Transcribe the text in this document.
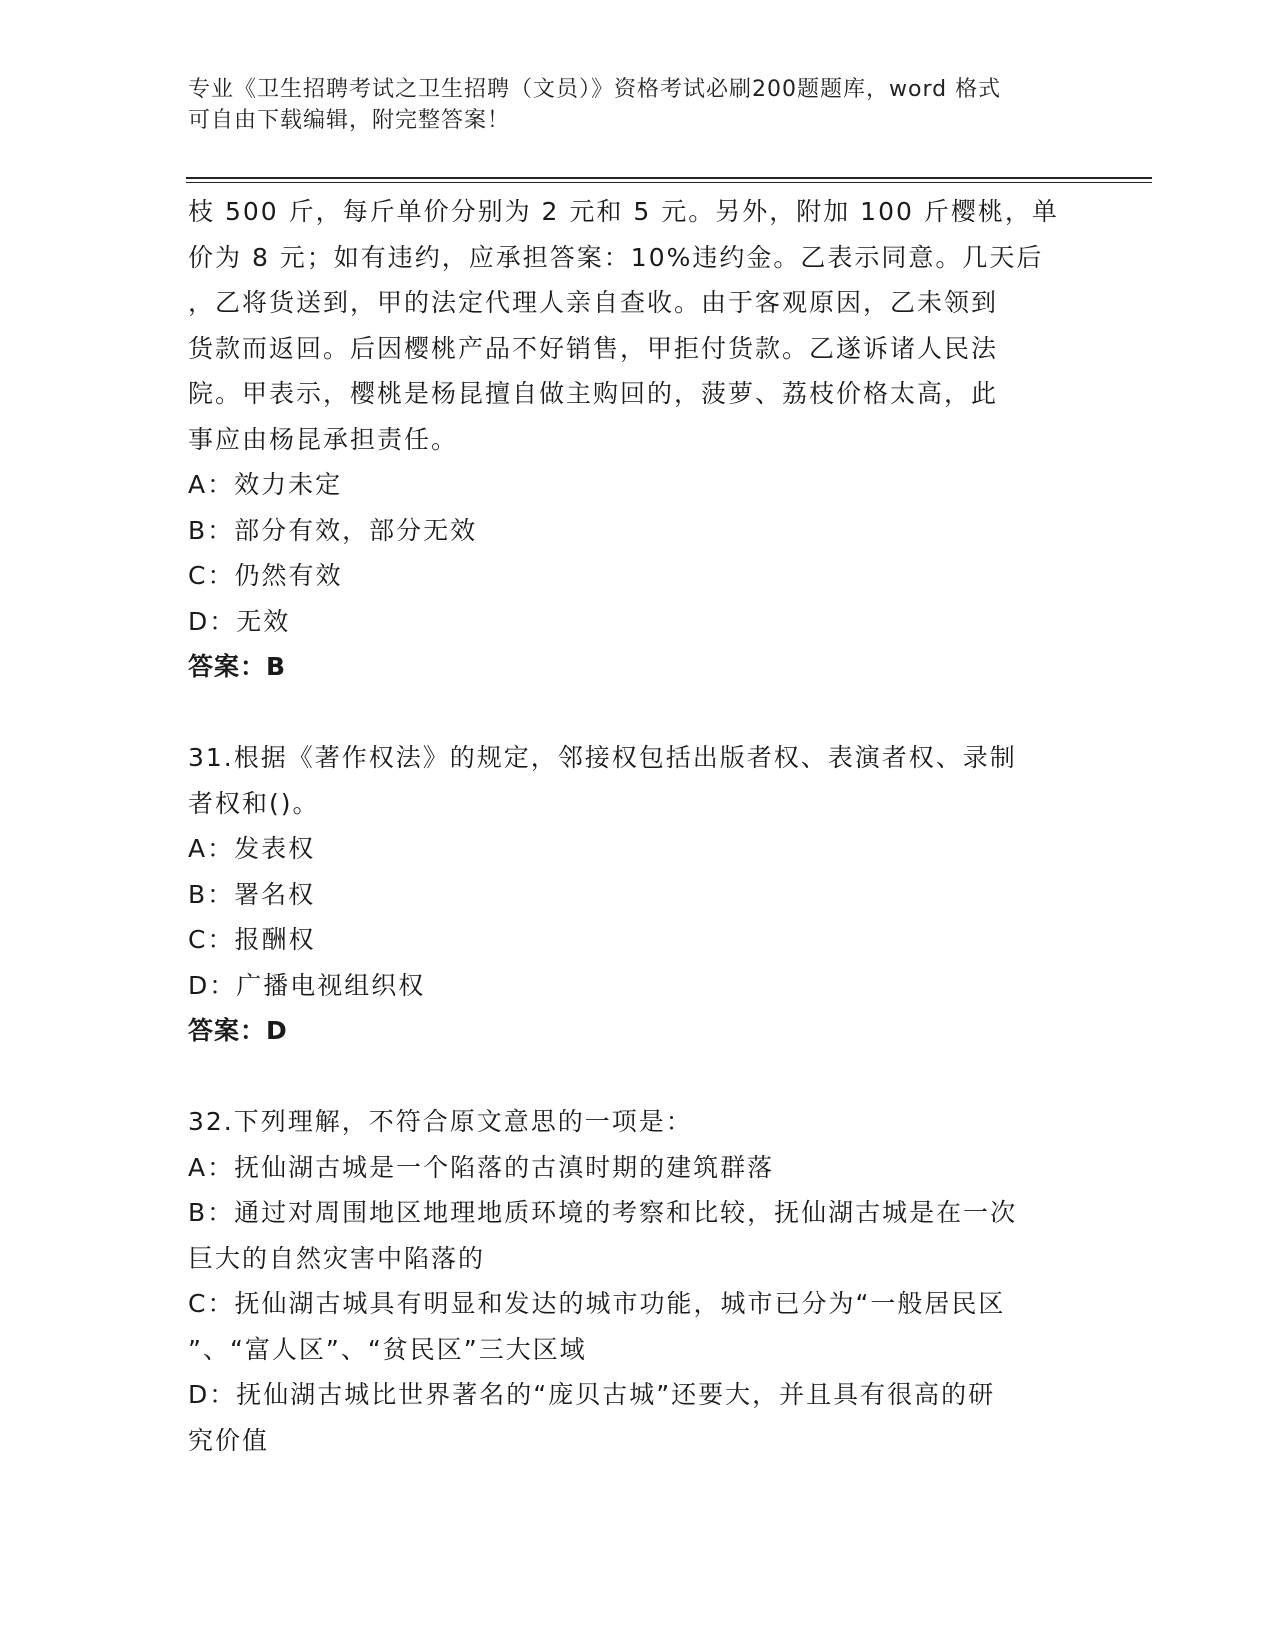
专业《卫生招聘考试之卫生招聘（文员）》资格考试必刷200题题库，word 格式
可自由下载编辑，附完整答案！
枝 500 斤，每斤单价分别为 2 元和 5 元。另外，附加 100 斤樱桃，单
价为 8 元；如有违约，应承担答案：10%违约金。乙表示同意。几天后
，乙将货送到，甲的法定代理人亲自查收。由于客观原因，乙未领到
货款而返回。后因樱桃产品不好销售，甲拒付货款。乙遂诉诸人民法
院。甲表示，樱桃是杨昆擅自做主购回的，菠萝、荔枝价格太高，此
事应由杨昆承担责任。
A：效力未定
B：部分有效，部分无效
C：仍然有效
D：无效
答案：B
31.根据《著作权法》的规定，邻接权包括出版者权、表演者权、录制
者权和()。
A：发表权
B：署名权
C：报酬权
D：广播电视组织权
答案：D
32.下列理解，不符合原文意思的一项是：
A：抚仙湖古城是一个陷落的古滇时期的建筑群落
B：通过对周围地区地理地质环境的考察和比较，抚仙湖古城是在一次
巨大的自然灾害中陷落的
C：抚仙湖古城具有明显和发达的城市功能，城市已分为“一般居民区
”、“富人区”、“贫民区”三大区域
D：抚仙湖古城比世界著名的“庞贝古城”还要大，并且具有很高的研
究价值
